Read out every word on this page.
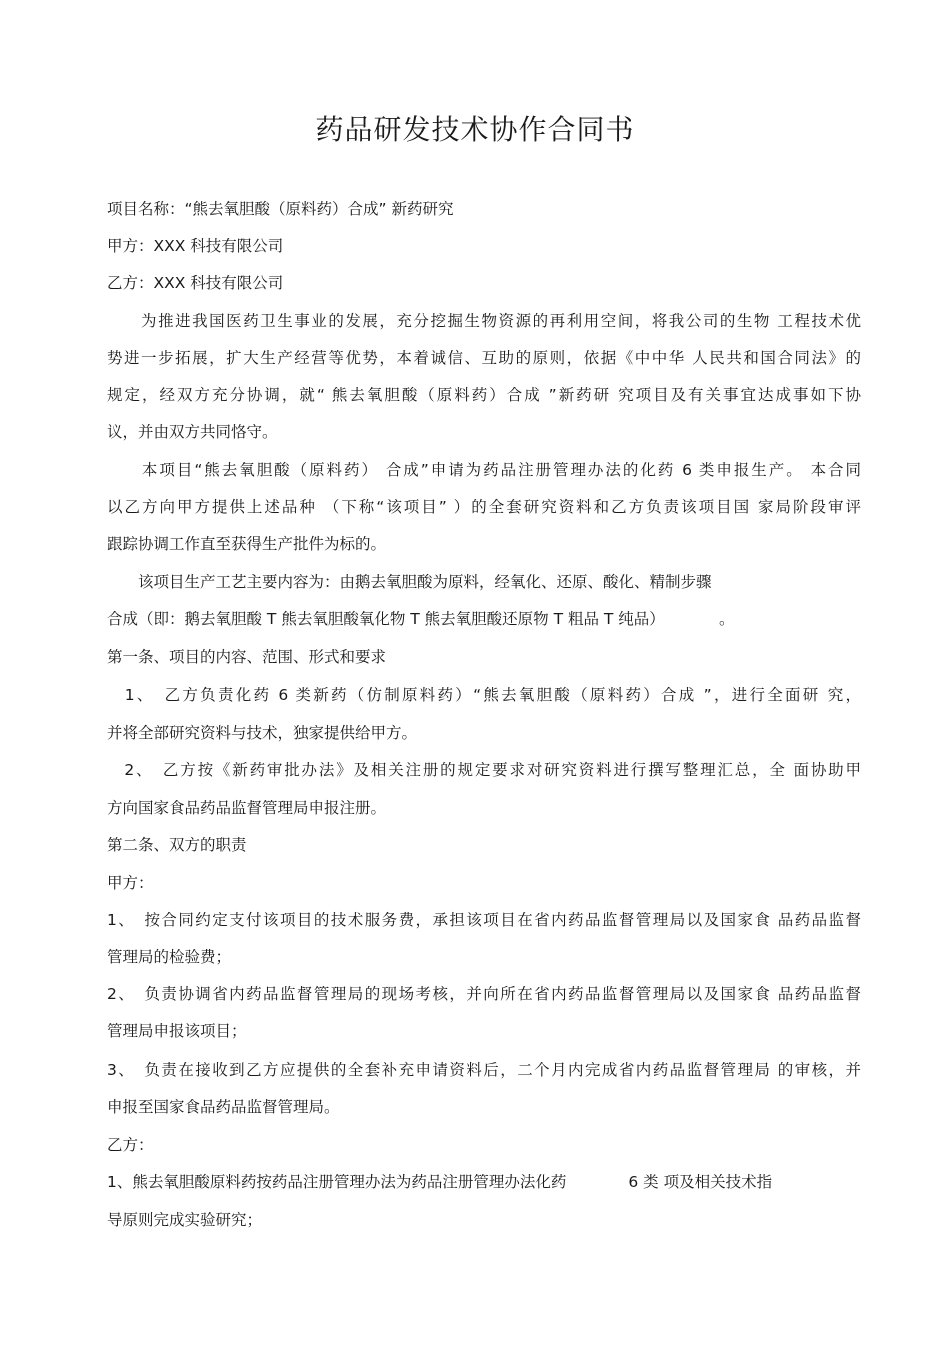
药品研发技术协作合同书
项目名称：“熊去氧胆酸（原料药）合成” 新药研究
甲方：XXX 科技有限公司
乙方：XXX 科技有限公司
　　为推进我国医药卫生事业的发展，充分挖掘生物资源的再利用空间，将我公司的生物 工程技术优
势进一步拓展，扩大生产经营等优势，本着诚信、互助的原则，依据《中中华 人民共和国合同法》的
规定，经双方充分协调，就“ 熊去氧胆酸（原料药）合成 ”新药研 究项目及有关事宜达成事如下协
议，并由双方共同恪守。
　　本项目“熊去氧胆酸（原料药） 合成”申请为药品注册管理办法的化药 6 类申报生产。 本合同
以乙方向甲方提供上述品种 （下称“该项目” ）的全套研究资料和乙方负责该项目国 家局阶段审评
跟踪协调工作直至获得生产批件为标的。
　　该项目生产工艺主要内容为：由鹅去氧胆酸为原料，经氧化、还原、酸化、精制步骤
合成（即：鹅去氧胆酸 T 熊去氧胆酸氧化物 T 熊去氧胆酸还原物 T 粗品 T 纯品）　　　　。
第一条、项目的内容、范围、形式和要求
　1、　乙方负责化药 6 类新药（仿制原料药）“熊去氧胆酸（原料药）合成 ”，进行全面研 究，
并将全部研究资料与技术，独家提供给甲方。
　2、　乙方按《新药审批办法》及相关注册的规定要求对研究资料进行撰写整理汇总，全 面协助甲
方向国家食品药品监督管理局申报注册。
第二条、双方的职责
甲方：
1、　按合同约定支付该项目的技术服务费，承担该项目在省内药品监督管理局以及国家食 品药品监督
管理局的检验费；
2、　负责协调省内药品监督管理局的现场考核，并向所在省内药品监督管理局以及国家食 品药品监督
管理局申报该项目；
3、　负责在接收到乙方应提供的全套补充申请资料后，二个月内完成省内药品监督管理局 的审核，并
申报至国家食品药品监督管理局。
乙方：
1、熊去氧胆酸原料药按药品注册管理办法为药品注册管理办法化药　　　　6 类 项及相关技术指
导原则完成实验研究；
